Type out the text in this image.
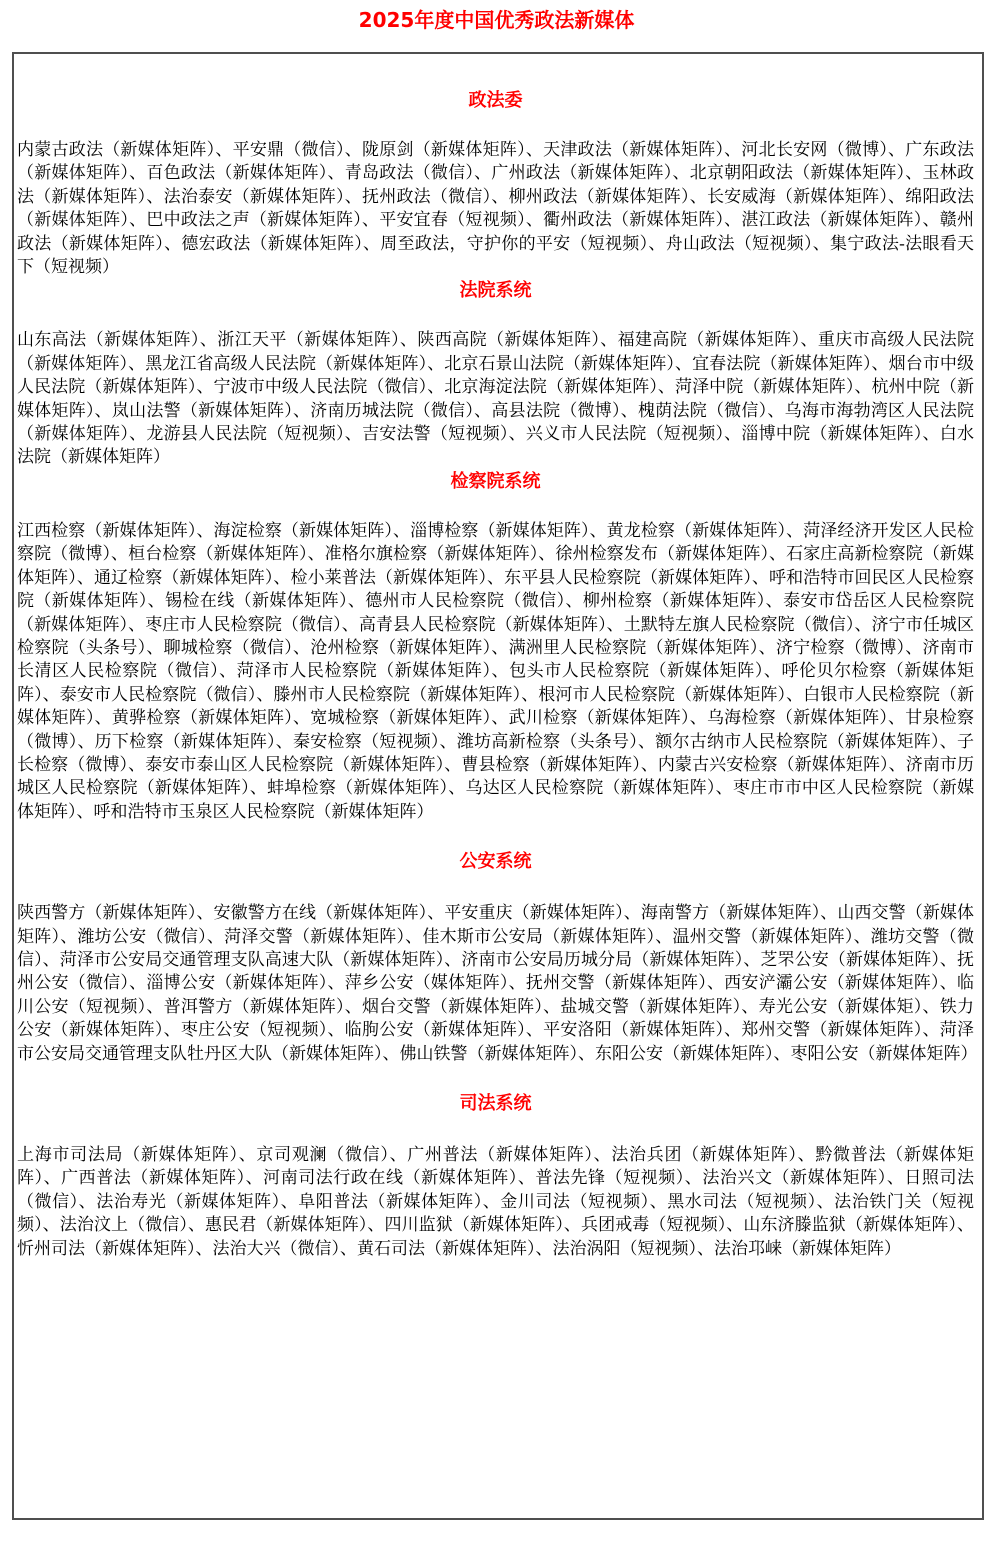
2025年度中国优秀政法新媒体
政法委

内蒙古政法（新媒体矩阵）、平安鼎（微信）、陇原剑（新媒体矩阵）、天津政法（新媒体矩阵）、河北长安网（微博）、广东政法（新媒体矩阵）、百色政法（新媒体矩阵）、青岛政法（微信）、广州政法（新媒体矩阵）、北京朝阳政法（新媒体矩阵）、玉林政法（新媒体矩阵）、法治泰安（新媒体矩阵）、抚州政法（微信）、柳州政法（新媒体矩阵）、长安威海（新媒体矩阵）、绵阳政法（新媒体矩阵）、巴中政法之声（新媒体矩阵）、平安宜春（短视频）、衢州政法（新媒体矩阵）、湛江政法（新媒体矩阵）、赣州政法（新媒体矩阵）、德宏政法（新媒体矩阵）、周至政法，守护你的平安（短视频）、舟山政法（短视频）、集宁政法-法眼看天下（短视频）

法院系统

山东高法（新媒体矩阵）、浙江天平（新媒体矩阵）、陕西高院（新媒体矩阵）、福建高院（新媒体矩阵）、重庆市高级人民法院（新媒体矩阵）、黑龙江省高级人民法院（新媒体矩阵）、北京石景山法院（新媒体矩阵）、宜春法院（新媒体矩阵）、烟台市中级人民法院（新媒体矩阵）、宁波市中级人民法院（微信）、北京海淀法院（新媒体矩阵）、菏泽中院（新媒体矩阵）、杭州中院（新媒体矩阵）、岚山法警（新媒体矩阵）、济南历城法院（微信）、高县法院（微博）、槐荫法院（微信）、乌海市海勃湾区人民法院（新媒体矩阵）、龙游县人民法院（短视频）、吉安法警（短视频）、兴义市人民法院（短视频）、淄博中院（新媒体矩阵）、白水法院（新媒体矩阵）

检察院系统

江西检察（新媒体矩阵）、海淀检察（新媒体矩阵）、淄博检察（新媒体矩阵）、黄龙检察（新媒体矩阵）、菏泽经济开发区人民检察院（微博）、桓台检察（新媒体矩阵）、准格尔旗检察（新媒体矩阵）、徐州检察发布（新媒体矩阵）、石家庄高新检察院（新媒体矩阵）、通辽检察（新媒体矩阵）、检小莱普法（新媒体矩阵）、东平县人民检察院（新媒体矩阵）、呼和浩特市回民区人民检察院（新媒体矩阵）、锡检在线（新媒体矩阵）、德州市人民检察院（微信）、柳州检察（新媒体矩阵）、泰安市岱岳区人民检察院（新媒体矩阵）、枣庄市人民检察院（微信）、高青县人民检察院（新媒体矩阵）、土默特左旗人民检察院（微信）、济宁市任城区检察院（头条号）、聊城检察（微信）、沧州检察（新媒体矩阵）、满洲里人民检察院（新媒体矩阵）、济宁检察（微博）、济南市长清区人民检察院（微信）、菏泽市人民检察院（新媒体矩阵）、包头市人民检察院（新媒体矩阵）、呼伦贝尔检察（新媒体矩阵）、泰安市人民检察院（微信）、滕州市人民检察院（新媒体矩阵）、根河市人民检察院（新媒体矩阵）、白银市人民检察院（新媒体矩阵）、黄骅检察（新媒体矩阵）、宽城检察（新媒体矩阵）、武川检察（新媒体矩阵）、乌海检察（新媒体矩阵）、甘泉检察（微博）、历下检察（新媒体矩阵）、秦安检察（短视频）、潍坊高新检察（头条号）、额尔古纳市人民检察院（新媒体矩阵）、子长检察（微博）、泰安市泰山区人民检察院（新媒体矩阵）、曹县检察（新媒体矩阵）、内蒙古兴安检察（新媒体矩阵）、济南市历城区人民检察院（新媒体矩阵）、蚌埠检察（新媒体矩阵）、乌达区人民检察院（新媒体矩阵）、枣庄市市中区人民检察院（新媒体矩阵）、呼和浩特市玉泉区人民检察院（新媒体矩阵）

公安系统

陕西警方（新媒体矩阵）、安徽警方在线（新媒体矩阵）、平安重庆（新媒体矩阵）、海南警方（新媒体矩阵）、山西交警（新媒体矩阵）、潍坊公安（微信）、菏泽交警（新媒体矩阵）、佳木斯市公安局（新媒体矩阵）、温州交警（新媒体矩阵）、潍坊交警（微信）、菏泽市公安局交通管理支队高速大队（新媒体矩阵）、济南市公安局历城分局（新媒体矩阵）、芝罘公安（新媒体矩阵）、抚州公安（微信）、淄博公安（新媒体矩阵）、萍乡公安（媒体矩阵）、抚州交警（新媒体矩阵）、西安浐灞公安（新媒体矩阵）、临川公安（短视频）、普洱警方（新媒体矩阵）、烟台交警（新媒体矩阵）、盐城交警（新媒体矩阵）、寿光公安（新媒体矩）、铁力公安（新媒体矩阵）、枣庄公安（短视频）、临朐公安（新媒体矩阵）、平安洛阳（新媒体矩阵）、郑州交警（新媒体矩阵）、菏泽市公安局交通管理支队牡丹区大队（新媒体矩阵）、佛山铁警（新媒体矩阵）、东阳公安（新媒体矩阵）、枣阳公安（新媒体矩阵）

司法系统

上海市司法局（新媒体矩阵）、京司观澜（微信）、广州普法（新媒体矩阵）、法治兵团（新媒体矩阵）、黔微普法（新媒体矩阵）、广西普法（新媒体矩阵）、河南司法行政在线（新媒体矩阵）、普法先锋（短视频）、法治兴文（新媒体矩阵）、日照司法（微信）、法治寿光（新媒体矩阵）、阜阳普法（新媒体矩阵）、金川司法（短视频）、黑水司法（短视频）、法治铁门关（短视频）、法治汶上（微信）、惠民君（新媒体矩阵）、四川监狱（新媒体矩阵）、兵团戒毒（短视频）、山东济滕监狱（新媒体矩阵）、忻州司法（新媒体矩阵）、法治大兴（微信）、黄石司法（新媒体矩阵）、法治涡阳（短视频）、法治邛崃（新媒体矩阵）
